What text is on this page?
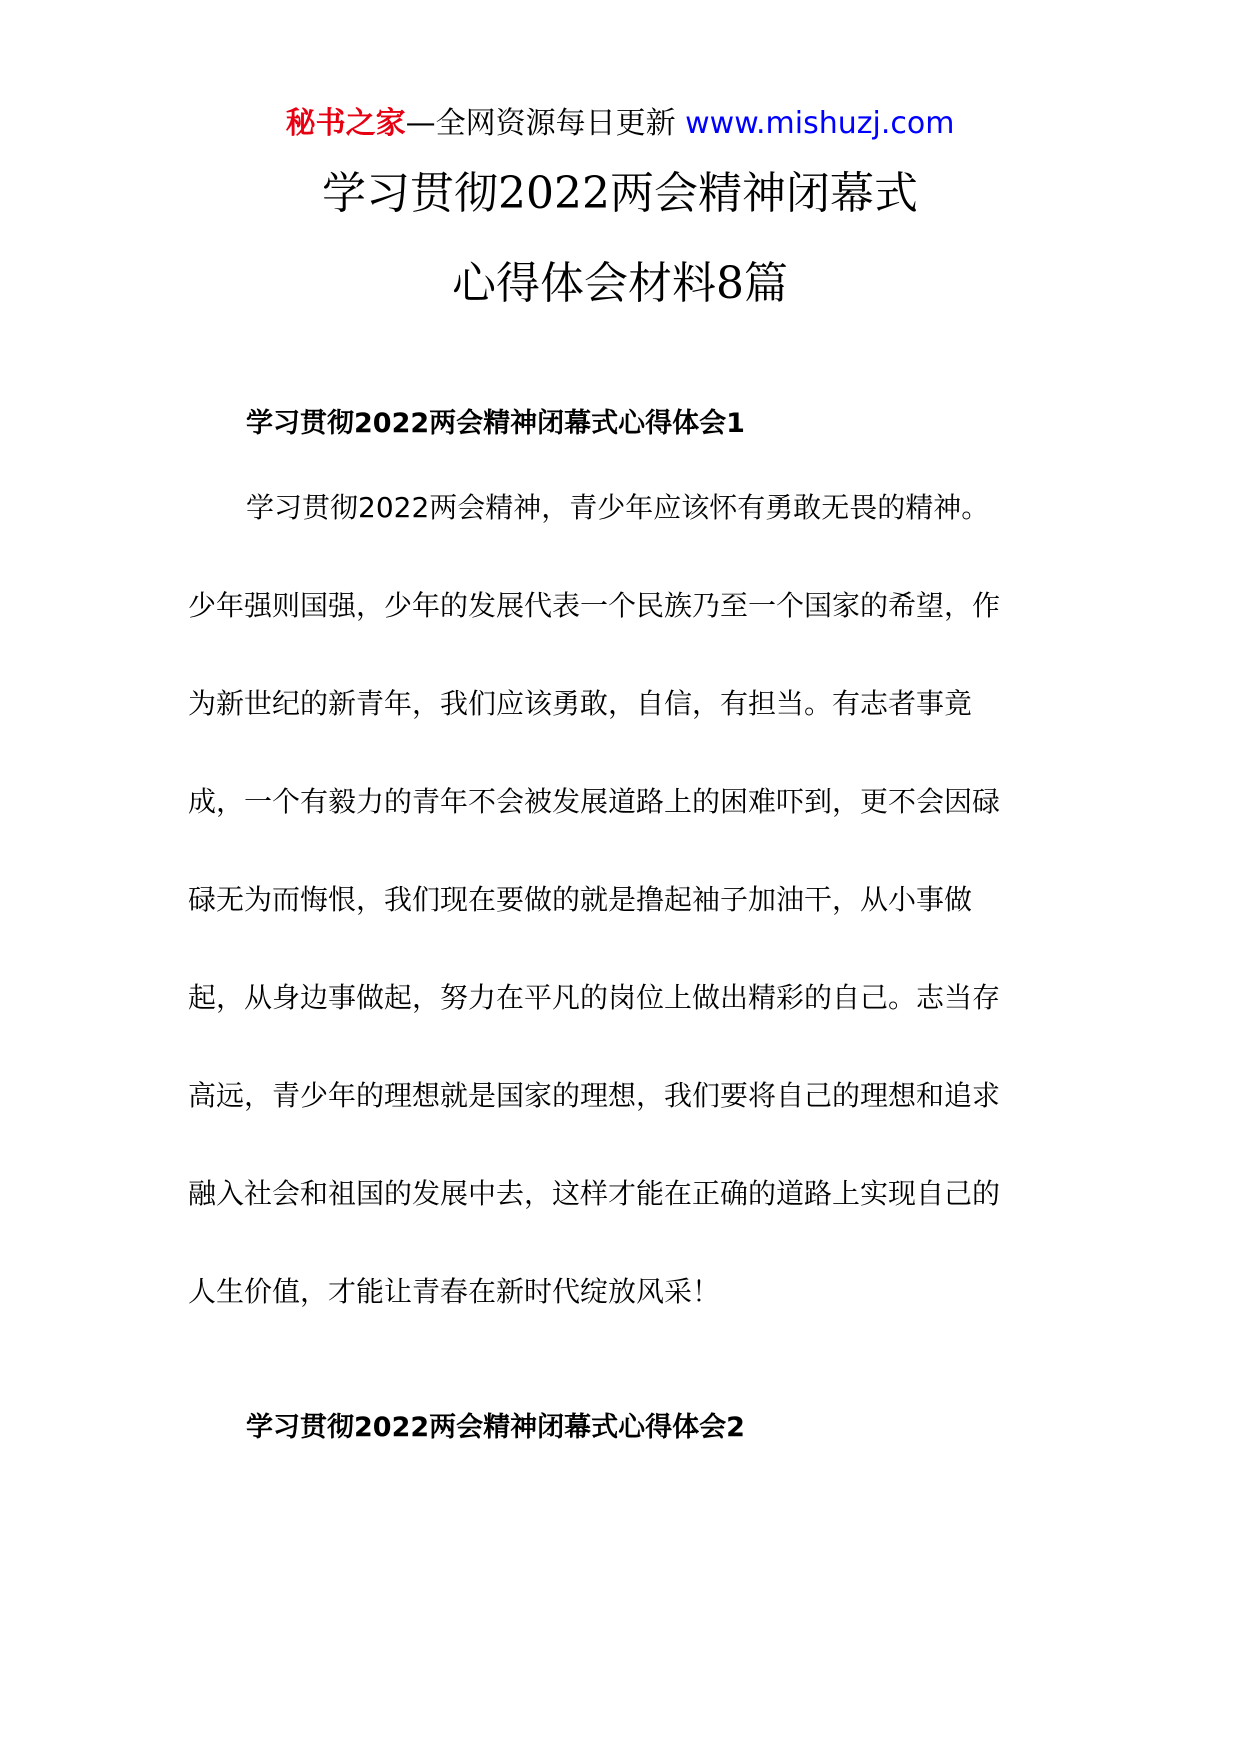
秘书之家—全网资源每日更新 www.mishuzj.com
学习贯彻2022两会精神闭幕式
心得体会材料8篇
学习贯彻2022两会精神闭幕式心得体会1
学习贯彻2022两会精神，青少年应该怀有勇敢无畏的精神。
少年强则国强，少年的发展代表一个民族乃至一个国家的希望，作
为新世纪的新青年，我们应该勇敢，自信，有担当。有志者事竟
成，一个有毅力的青年不会被发展道路上的困难吓到，更不会因碌
碌无为而悔恨，我们现在要做的就是撸起袖子加油干，从小事做
起，从身边事做起，努力在平凡的岗位上做出精彩的自己。志当存
高远，青少年的理想就是国家的理想，我们要将自己的理想和追求
融入社会和祖国的发展中去，这样才能在正确的道路上实现自己的
人生价值，才能让青春在新时代绽放风采！
学习贯彻2022两会精神闭幕式心得体会2
